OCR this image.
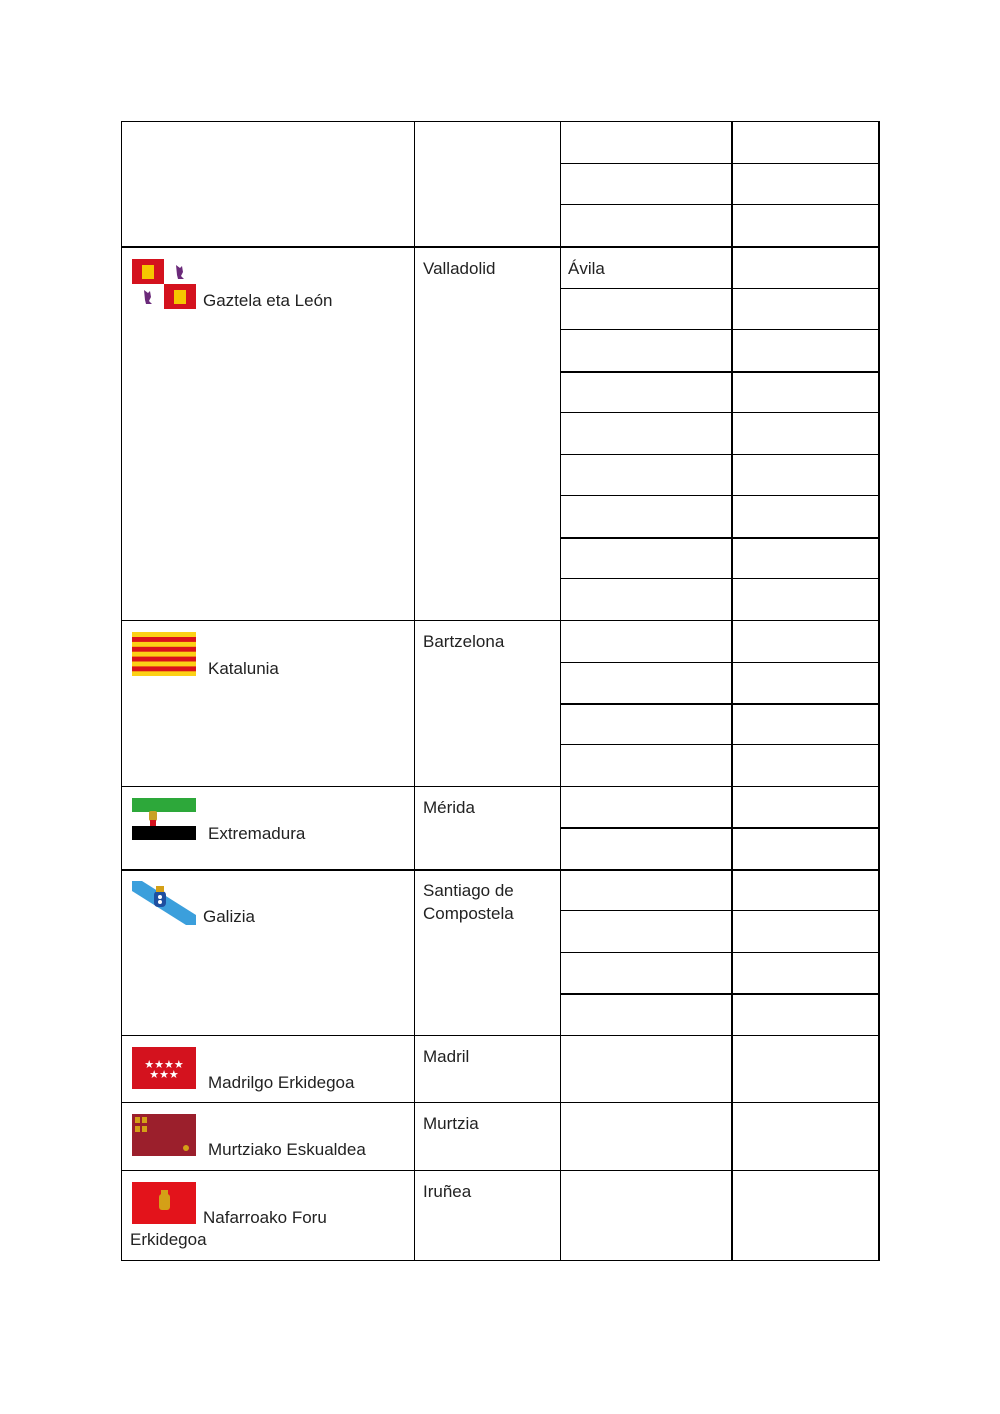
Gaztela eta León
Valladolid	Ávila
Katalunia
Bartzelona
Extremadura
Mérida
Galizia
Santiago de
Compostela
★★★★
★★★ Madrilgo Erkidegoa
Madril
Murtziako Eskualdea
Murtzia
Nafarroako Foru
Erkidegoa
Iruñea
